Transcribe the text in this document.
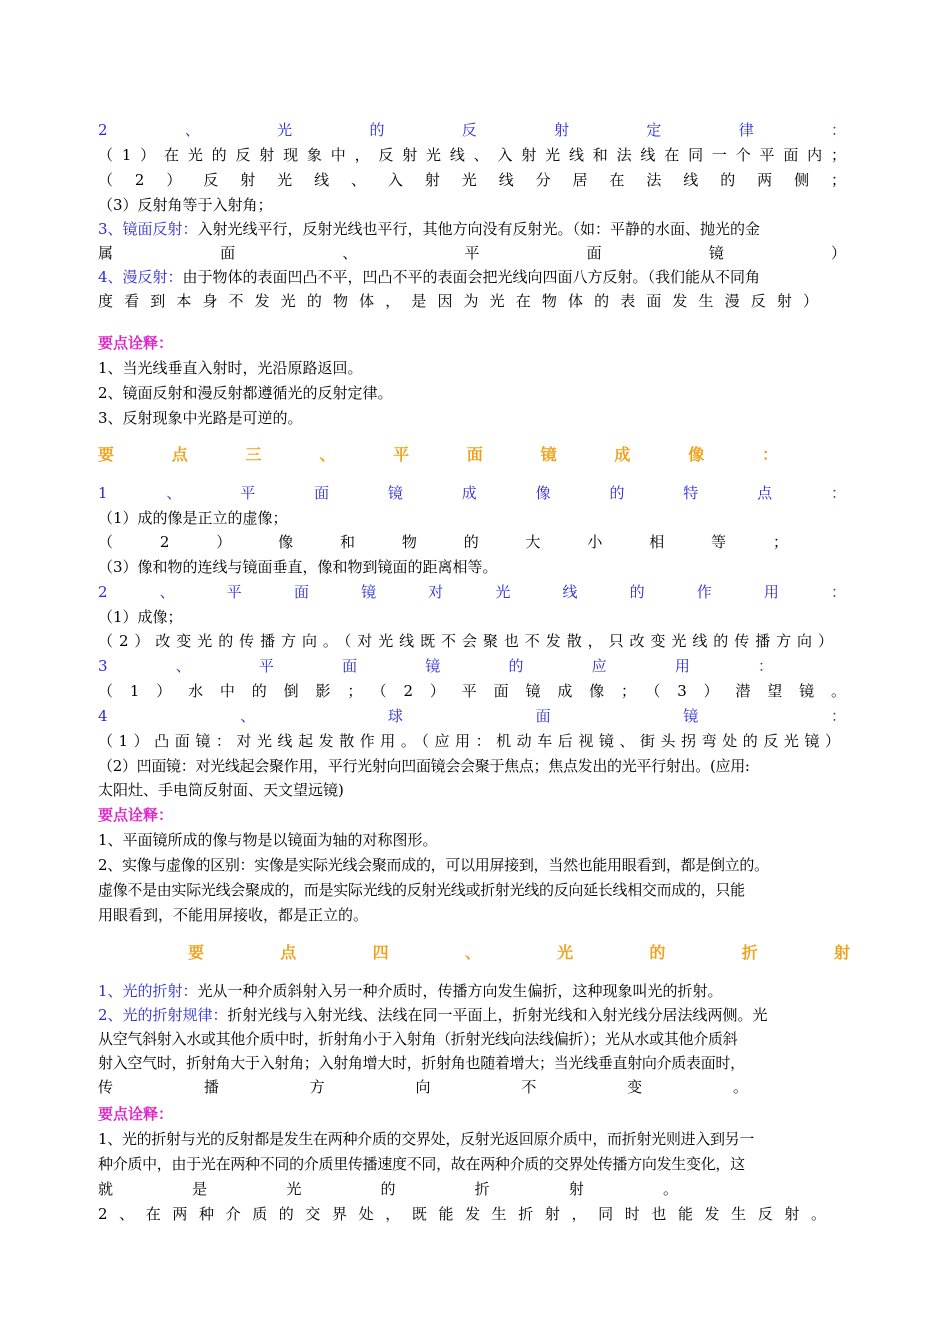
2、光的反射定律：
（1）在光的反射现象中，反射光线、入射光线和法线在同一个平面内；
（2）反射光线、入射光线分居在法线的两侧；
（3）反射角等于入射角；
3、镜面反射：入射光线平行，反射光线也平行，其他方向没有反射光。（如：平静的水面、抛光的金
属面、平面镜）
4、漫反射：由于物体的表面凹凸不平，凹凸不平的表面会把光线向四面八方反射。（我们能从不同角
度看到本身不发光的物体，是因为光在物体的表面发生漫反射）
要点诠释：
1、当光线垂直入射时，光沿原路返回。
2、镜面反射和漫反射都遵循光的反射定律。
3、反射现象中光路是可逆的。
要点三、平面镜成像：
1、平面镜成像的特点：
（1）成的像是正立的虚像；
（2）像和物的大小相等；
（3）像和物的连线与镜面垂直，像和物到镜面的距离相等。
2、平面镜对光线的作用：
（1）成像；
（2）改变光的传播方向。（对光线既不会聚也不发散，只改变光线的传播方向）
3、平面镜的应用：
（1）水中的倒影；（2）平面镜成像；（3）潜望镜。
4、球面镜：
（1）凸面镜：对光线起发散作用。（应用：机动车后视镜、街头拐弯处的反光镜）
（2）凹面镜：对光线起会聚作用，平行光射向凹面镜会会聚于焦点；焦点发出的光平行射出。(应用:
太阳灶、手电筒反射面、天文望远镜)
要点诠释：
1、平面镜所成的像与物是以镜面为轴的对称图形。
2、实像与虚像的区别：实像是实际光线会聚而成的，可以用屏接到，当然也能用眼看到，都是倒立的。
虚像不是由实际光线会聚成的，而是实际光线的反射光线或折射光线的反向延长线相交而成的，只能
用眼看到，不能用屏接收，都是正立的。
要点四、光的折射
1、光的折射：光从一种介质斜射入另一种介质时，传播方向发生偏折，这种现象叫光的折射。
2、光的折射规律：折射光线与入射光线、法线在同一平面上，折射光线和入射光线分居法线两侧。光
从空气斜射入水或其他介质中时，折射角小于入射角（折射光线向法线偏折）；光从水或其他介质斜
射入空气时，折射角大于入射角；入射角增大时，折射角也随着增大；当光线垂直射向介质表面时，
传播方向不变。
要点诠释：
1、光的折射与光的反射都是发生在两种介质的交界处，反射光返回原介质中，而折射光则进入到另一
种介质中，由于光在两种不同的介质里传播速度不同，故在两种介质的交界处传播方向发生变化，这
就是光的折射。
2、在两种介质的交界处，既能发生折射，同时也能发生反射。
